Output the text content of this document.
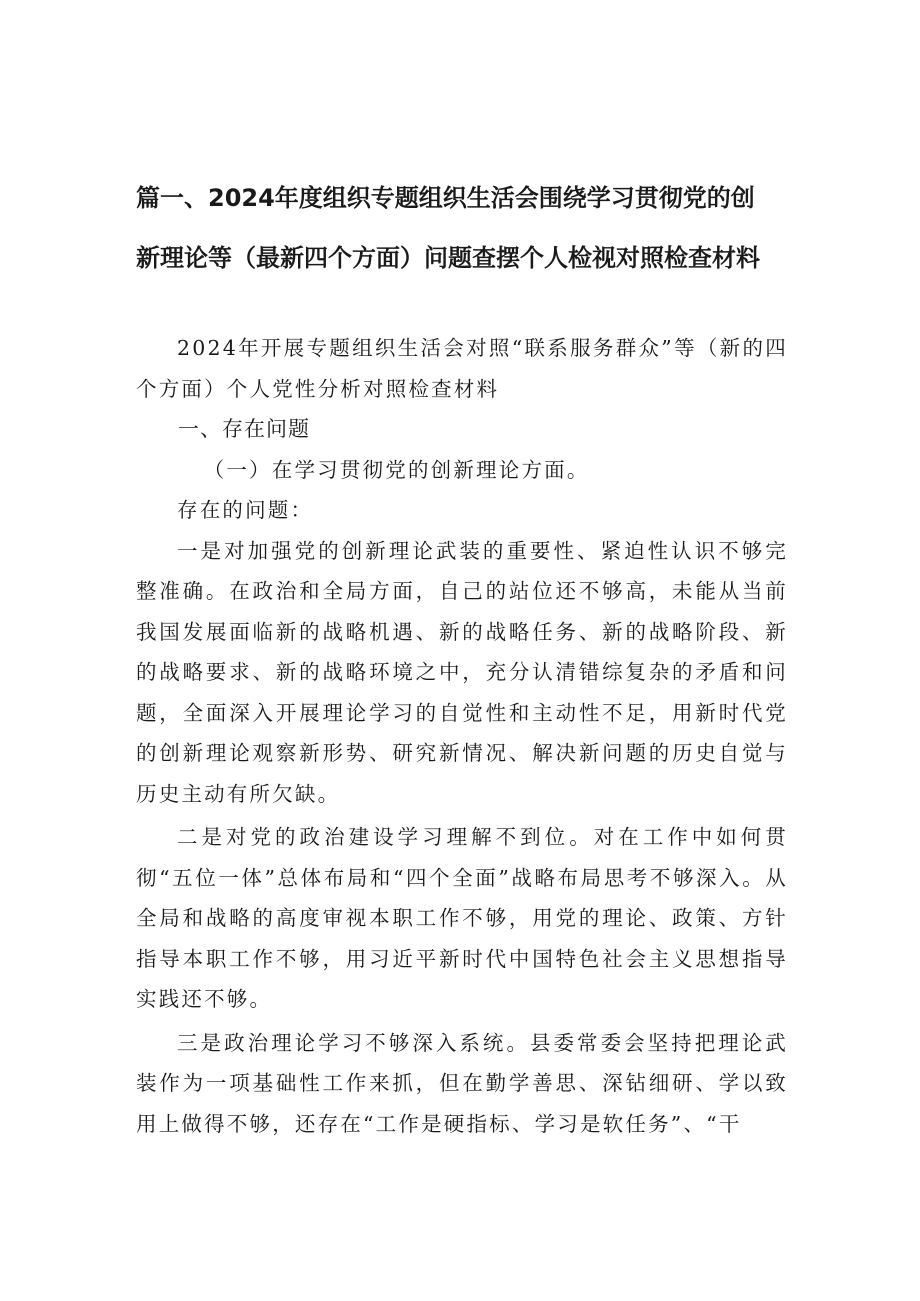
篇一、2024年度组织专题组织生活会围绕学习贯彻党的创
新理论等（最新四个方面）问题查摆个人检视对照检查材料

2024年开展专题组织生活会对照“联系服务群众”等（新的四个方面）个人党性分析对照检查材料

一、存在问题

（一）在学习贯彻党的创新理论方面。

存在的问题：

一是对加强党的创新理论武装的重要性、紧迫性认识不够完整准确。在政治和全局方面，自己的站位还不够高，未能从当前我国发展面临新的战略机遇、新的战略任务、新的战略阶段、新的战略要求、新的战略环境之中，充分认清错综复杂的矛盾和问题，全面深入开展理论学习的自觉性和主动性不足，用新时代党的创新理论观察新形势、研究新情况、解决新问题的历史自觉与历史主动有所欠缺。

二是对党的政治建设学习理解不到位。对在工作中如何贯彻“五位一体”总体布局和“四个全面”战略布局思考不够深入。从全局和战略的高度审视本职工作不够，用党的理论、政策、方针指导本职工作不够，用习近平新时代中国特色社会主义思想指导实践还不够。

三是政治理论学习不够深入系统。县委常委会坚持把理论武装作为一项基础性工作来抓，但在勤学善思、深钻细研、学以致用上做得不够，还存在“工作是硬指标、学习是软任务”、“干
